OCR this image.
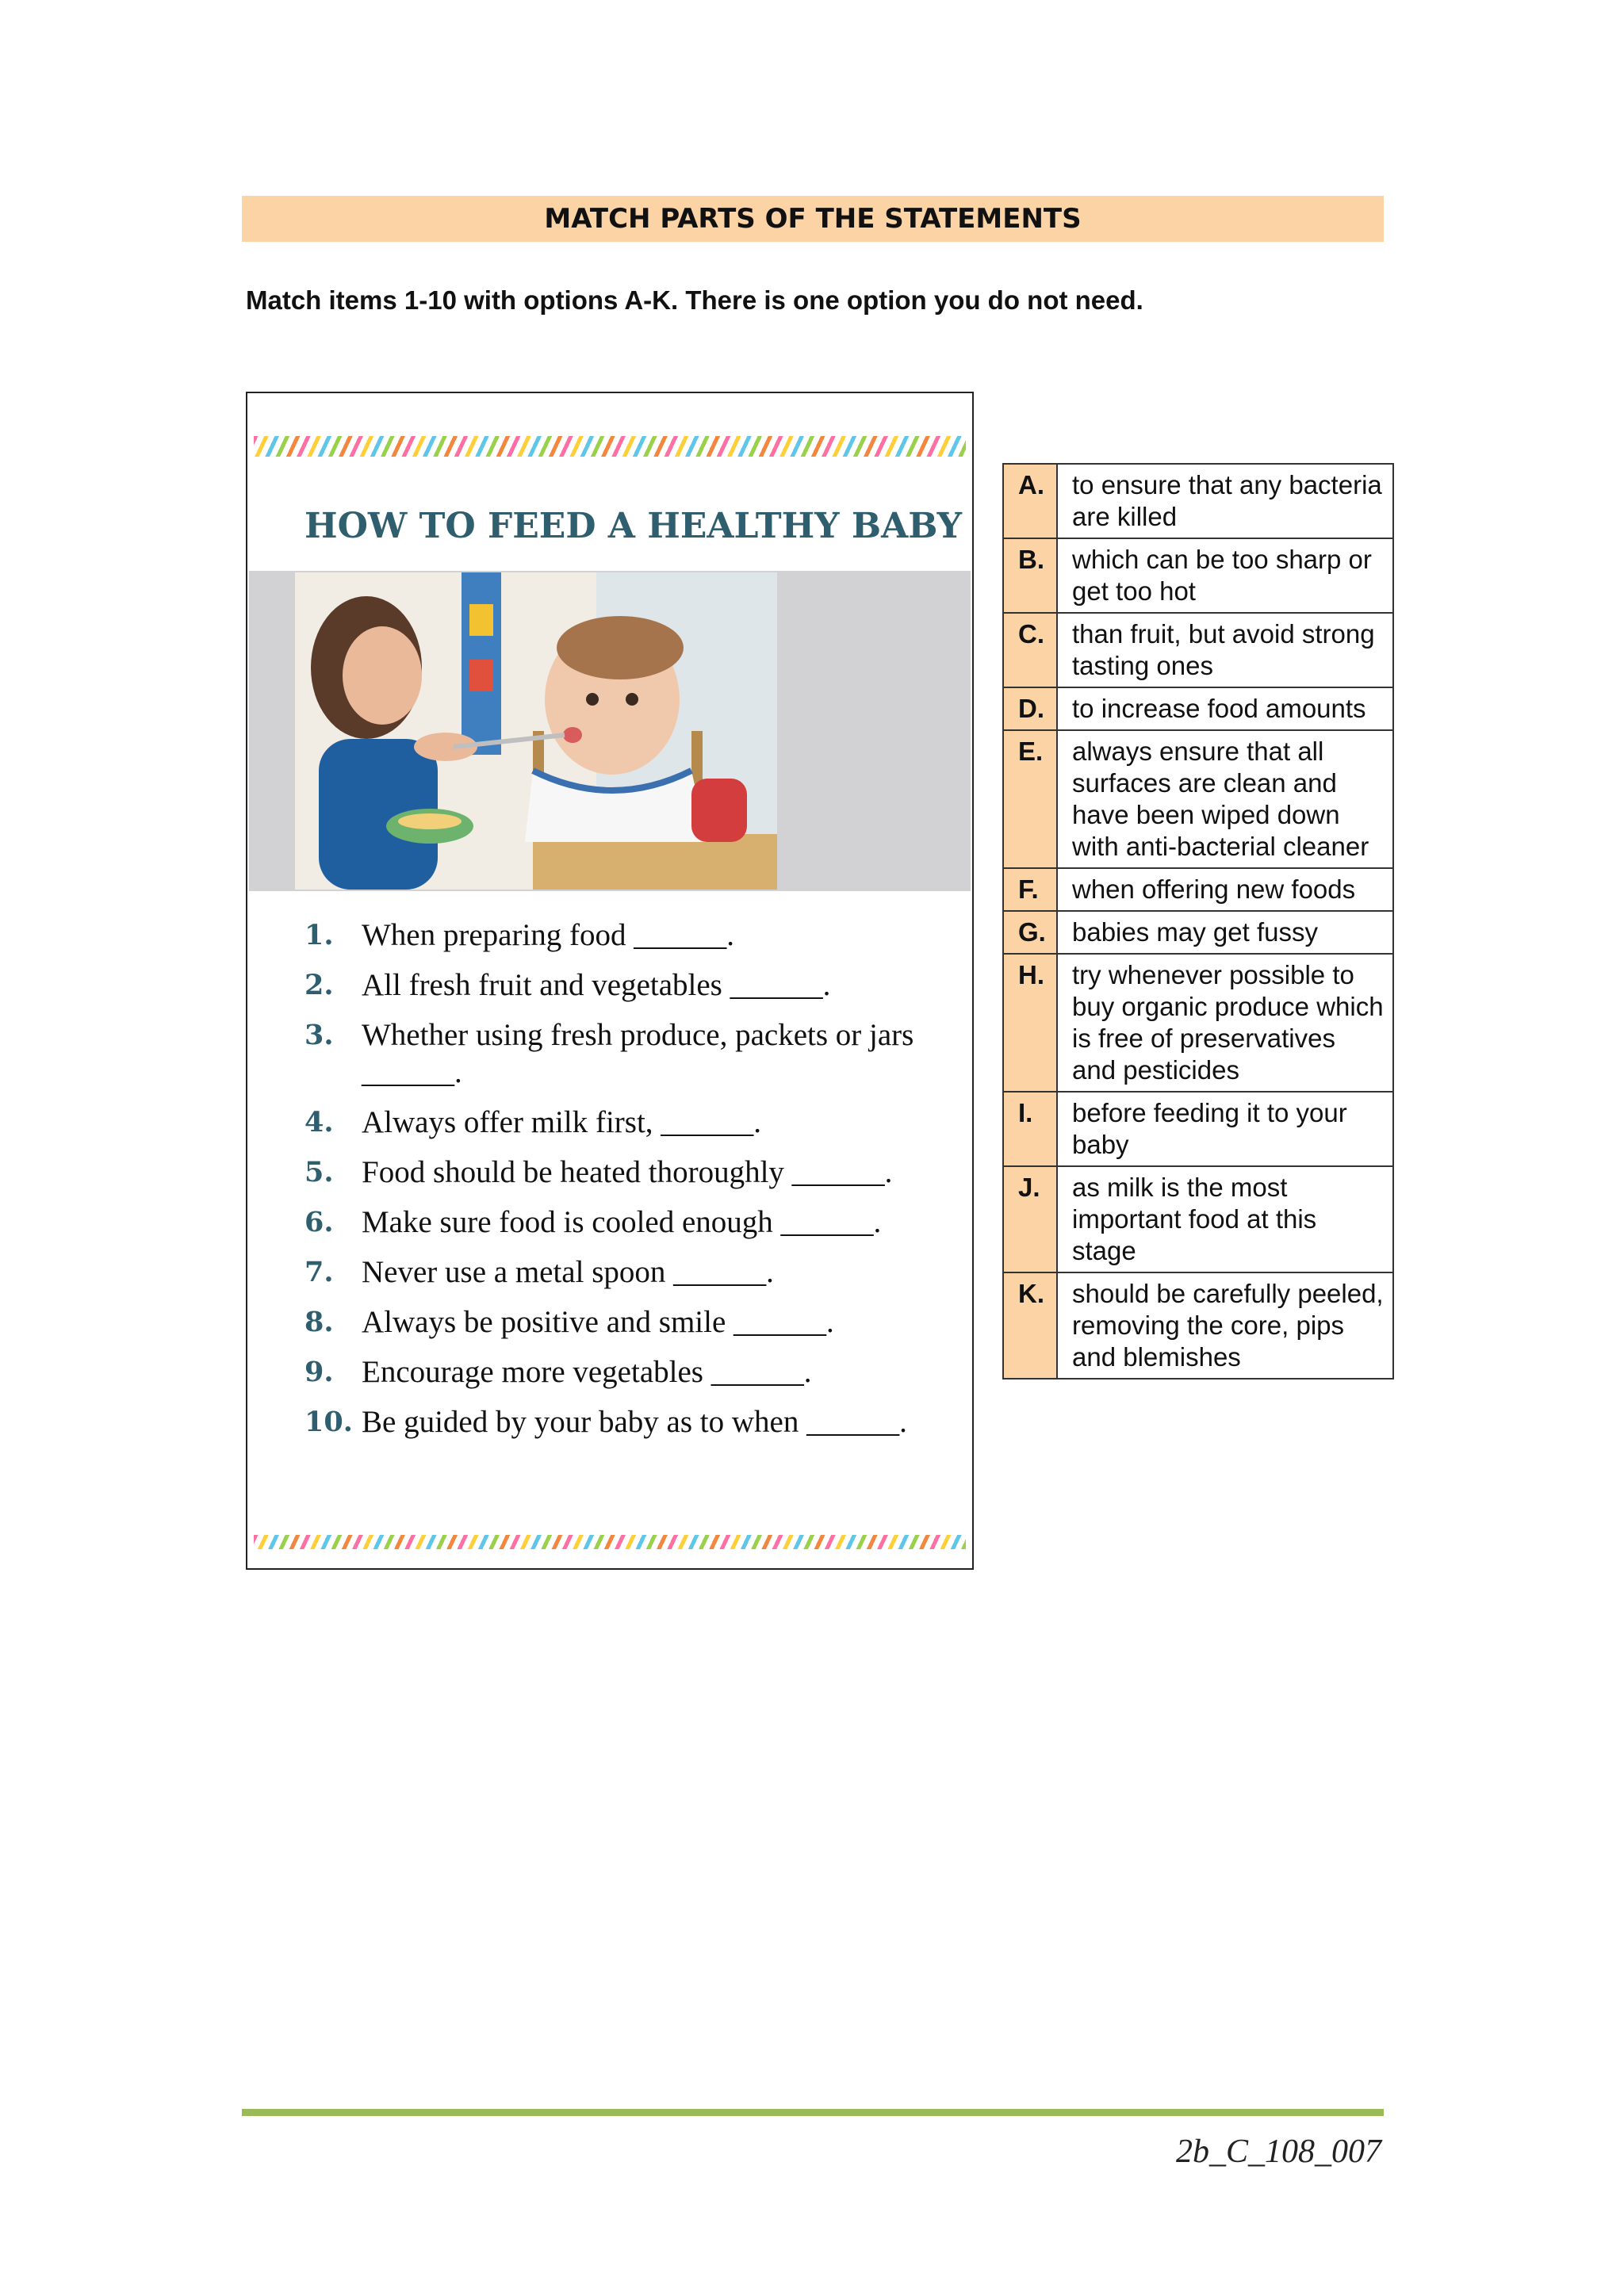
MATCH PARTS OF THE STATEMENTS
Match items 1-10 with options A-K. There is one option you do not need.
HOW TO FEED A HEALTHY BABY
1. When preparing food ______.
2. All fresh fruit and vegetables ______.
3. Whether using fresh produce, packets or jars ______.
4. Always offer milk first, ______.
5. Food should be heated thoroughly ______.
6. Make sure food is cooled enough ______.
7. Never use a metal spoon ______.
8. Always be positive and smile ______.
9. Encourage more vegetables ______.
10. Be guided by your baby as to when ______.
A.	to ensure that any bacteria are killed
B.	which can be too sharp or get too hot
C.	than fruit, but avoid strong tasting ones
D.	to increase food amounts
E.	always ensure that all surfaces are clean and have been wiped down with anti-bacterial cleaner
F.	when offering new foods
G.	babies may get fussy
H.	try whenever possible to buy organic produce which is free of preservatives and pesticides
I.	before feeding it to your baby
J.	as milk is the most important food at this stage
K.	should be carefully peeled, removing the core, pips and blemishes
2b_C_108_007
